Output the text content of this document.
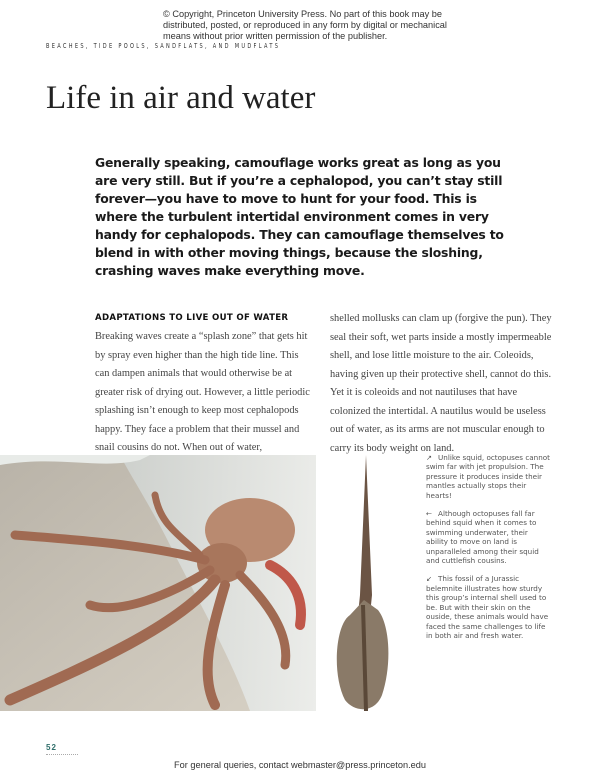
© Copyright, Princeton University Press. No part of this book may be distributed, posted, or reproduced in any form by digital or mechanical means without prior written permission of the publisher.
BEACHES, TIDE POOLS, SANDFLATS, AND MUDFLATS
Life in air and water

Generally speaking, camouflage works great as long as you are very still. But if you’re a cephalopod, you can’t stay still forever—you have to move to hunt for your food. This is where the turbulent intertidal environment comes in very handy for cephalopods. They can camouflage themselves to blend in with other moving things, because the sloshing, crashing waves make everything move.

ADAPTATIONS TO LIVE OUT OF WATER

Breaking waves create a “splash zone” that gets hit by spray even higher than the high tide line. This can dampen animals that would otherwise be at greater risk of drying out. However, a little periodic splashing isn’t enough to keep most cephalopods happy. They face a problem that their mussel and snail cousins do not. When out of water,

shelled mollusks can clam up (forgive the pun). They seal their soft, wet parts inside a mostly impermeable shell, and lose little moisture to the air. Coleoids, having given up their protective shell, cannot do this. Yet it is coleoids and not nautiluses that have colonized the intertidal. A nautilus would be useless out of water, as its arms are not muscular enough to carry its body weight on land.

↗ Unlike squid, octopuses cannot swim far with jet propulsion. The pressure it produces inside their mantles actually stops their hearts!

← Although octopuses fall far behind squid when it comes to swimming underwater, their ability to move on land is unparalleled among their squid and cuttlefish cousins.

↙ This fossil of a Jurassic belemnite illustrates how sturdy this group’s internal shell used to be. But with their skin on the ouside, these animals would have faced the same challenges to life in both air and fresh water.

52
For general queries, contact webmaster@press.princeton.edu
